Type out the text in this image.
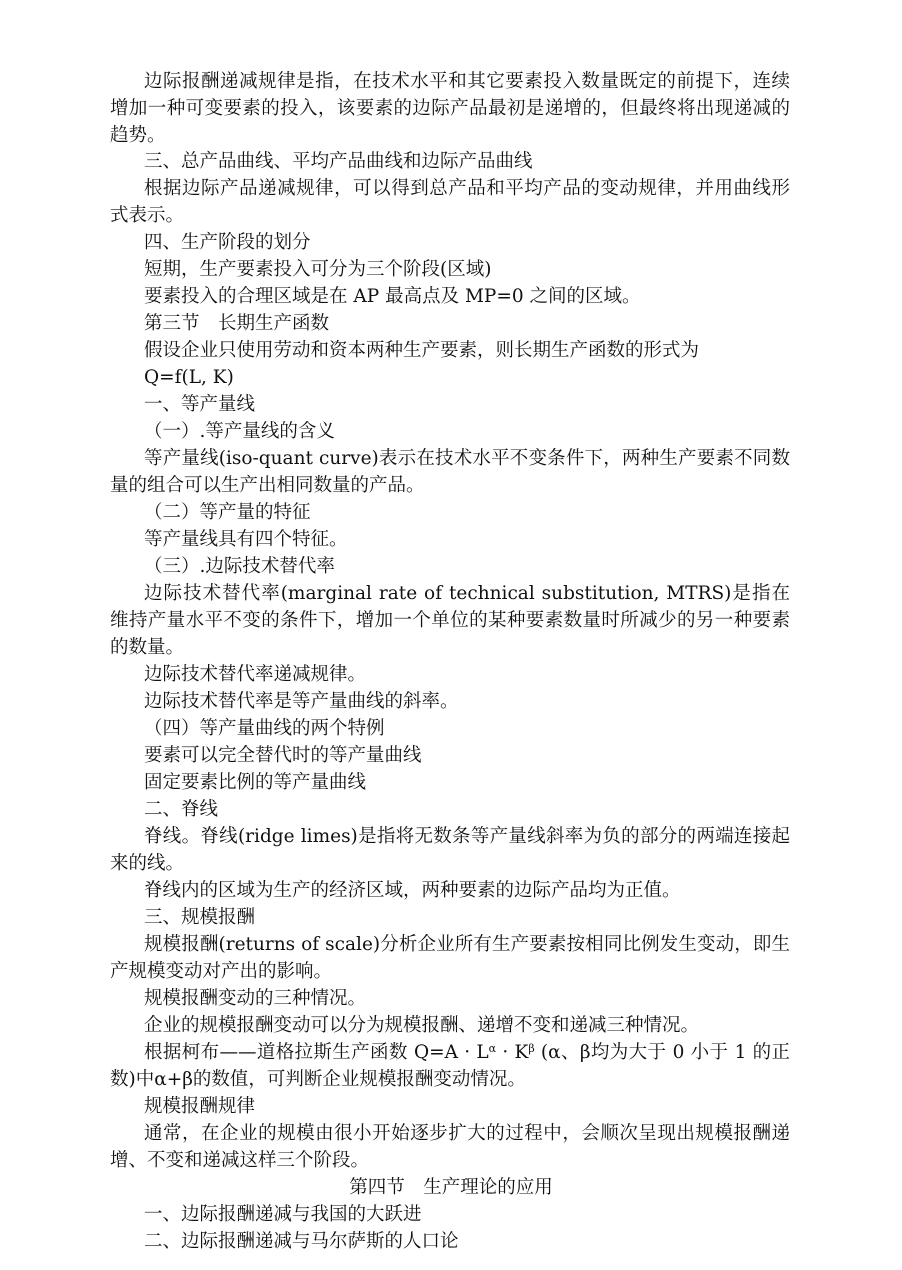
边际报酬递减规律是指，在技术水平和其它要素投入数量既定的前提下，连续增加一种可变要素的投入，该要素的边际产品最初是递增的，但最终将出现递减的趋势。

三、总产品曲线、平均产品曲线和边际产品曲线

根据边际产品递减规律，可以得到总产品和平均产品的变动规律，并用曲线形式表示。

四、生产阶段的划分

短期，生产要素投入可分为三个阶段(区域)

要素投入的合理区域是在 AP 最高点及 MP=0 之间的区域。

第三节　长期生产函数

假设企业只使用劳动和资本两种生产要素，则长期生产函数的形式为

Q=f(L, K)

一、等产量线

（一）.等产量线的含义

等产量线(iso-quant curve)表示在技术水平不变条件下，两种生产要素不同数量的组合可以生产出相同数量的产品。

（二）等产量的特征

等产量线具有四个特征。

（三）.边际技术替代率

边际技术替代率(marginal rate of technical substitution, MTRS)是指在维持产量水平不变的条件下，增加一个单位的某种要素数量时所减少的另一种要素的数量。

边际技术替代率递减规律。

边际技术替代率是等产量曲线的斜率。

（四）等产量曲线的两个特例

要素可以完全替代时的等产量曲线

固定要素比例的等产量曲线

二、脊线

脊线。脊线(ridge limes)是指将无数条等产量线斜率为负的部分的两端连接起来的线。

脊线内的区域为生产的经济区域，两种要素的边际产品均为正值。

三、规模报酬

规模报酬(returns of scale)分析企业所有生产要素按相同比例发生变动，即生产规模变动对产出的影响。

规模报酬变动的三种情况。

企业的规模报酬变动可以分为规模报酬、递增不变和递减三种情况。

根据柯布——道格拉斯生产函数 $Q=A \cdot L^\alpha \cdot K^\beta$ (α、β均为大于 0 小于 1 的正数)中α+β的数值，可判断企业规模报酬变动情况。

规模报酬规律

通常，在企业的规模由很小开始逐步扩大的过程中，会顺次呈现出规模报酬递增、不变和递减这样三个阶段。

第四节　生产理论的应用

一、边际报酬递减与我国的大跃进

二、边际报酬递减与马尔萨斯的人口论
